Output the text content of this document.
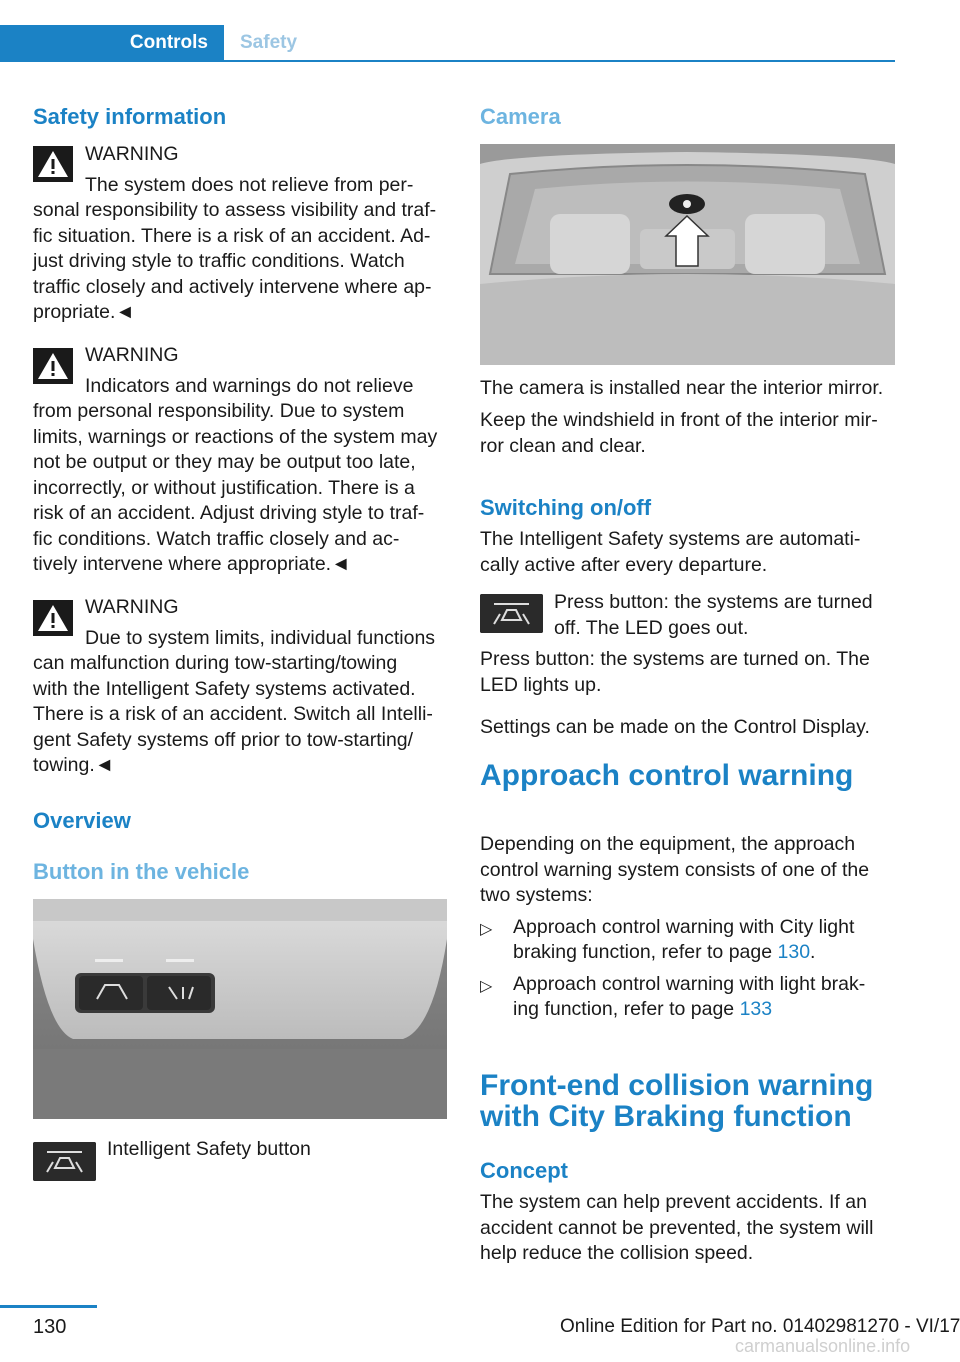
Controls	Safety
Safety information
WARNING
The system does not relieve from per-
sonal responsibility to assess visibility and traf-
fic situation. There is a risk of an accident. Ad-
just driving style to traffic conditions. Watch
traffic closely and actively intervene where ap-
propriate.◄
WARNING
Indicators and warnings do not relieve
from personal responsibility. Due to system
limits, warnings or reactions of the system may
not be output or they may be output too late,
incorrectly, or without justification. There is a
risk of an accident. Adjust driving style to traf-
fic conditions. Watch traffic closely and ac-
tively intervene where appropriate.◄
WARNING
Due to system limits, individual functions
can malfunction during tow-starting/towing
with the Intelligent Safety systems activated.
There is a risk of an accident. Switch all Intelli-
gent Safety systems off prior to tow-starting/
towing.◄
Overview
Button in the vehicle
Intelligent Safety button
Camera
The camera is installed near the interior mirror.
Keep the windshield in front of the interior mir-
ror clean and clear.
Switching on/off
The Intelligent Safety systems are automati-
cally active after every departure.
Press button: the systems are turned
off. The LED goes out.
Press button: the systems are turned on. The
LED lights up.
Settings can be made on the Control Display.
Approach control warning
Depending on the equipment, the approach
control warning system consists of one of the
two systems:
▷ Approach control warning with City light
braking function, refer to page 130.
▷ Approach control warning with light brak-
ing function, refer to page 133
Front-end collision warning
with City Braking function
Concept
The system can help prevent accidents. If an
accident cannot be prevented, the system will
help reduce the collision speed.
130	Online Edition for Part no. 01402981270 - VI/17
carmanualsonline.info
